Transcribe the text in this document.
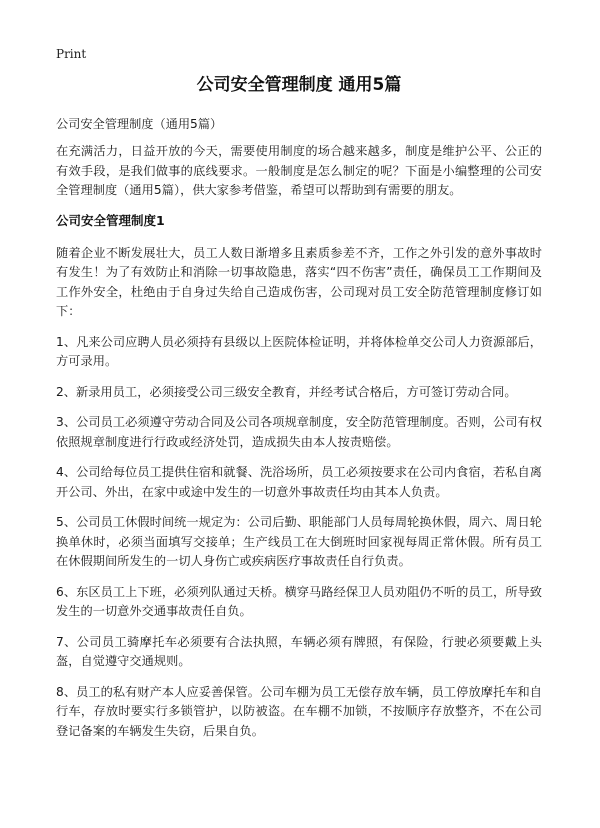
Print
公司安全管理制度 通用5篇
公司安全管理制度（通用5篇）
在充满活力，日益开放的今天，需要使用制度的场合越来越多，制度是维护公平、公正的有效手段，是我们做事的底线要求。一般制度是怎么制定的呢？下面是小编整理的公司安全管理制度（通用5篇），供大家参考借鉴，希望可以帮助到有需要的朋友。
公司安全管理制度1
随着企业不断发展壮大，员工人数日渐增多且素质参差不齐，工作之外引发的意外事故时有发生！为了有效防止和消除一切事故隐患，落实“四不伤害”责任，确保员工工作期间及工作外安全，杜绝由于自身过失给自己造成伤害，公司现对员工安全防范管理制度修订如下：
1、凡来公司应聘人员必须持有县级以上医院体检证明，并将体检单交公司人力资源部后，方可录用。
2、新录用员工，必须接受公司三级安全教育，并经考试合格后，方可签订劳动合同。
3、公司员工必须遵守劳动合同及公司各项规章制度，安全防范管理制度。否则，公司有权依照规章制度进行行政或经济处罚，造成损失由本人按责赔偿。
4、公司给每位员工提供住宿和就餐、洗浴场所，员工必须按要求在公司内食宿，若私自离开公司、外出，在家中或途中发生的一切意外事故责任均由其本人负责。
5、公司员工休假时间统一规定为：公司后勤、职能部门人员每周轮换休假，周六、周日轮换单休时，必须当面填写交接单；生产线员工在大倒班时回家视每周正常休假。所有员工在休假期间所发生的一切人身伤亡或疾病医疗事故责任自行负责。
6、东区员工上下班，必须列队通过天桥。横穿马路经保卫人员劝阻仍不听的员工，所导致发生的一切意外交通事故责任自负。
7、公司员工骑摩托车必须要有合法执照，车辆必须有牌照，有保险，行驶必须要戴上头盔，自觉遵守交通规则。
8、员工的私有财产本人应妥善保管。公司车棚为员工无偿存放车辆，员工停放摩托车和自行车，存放时要实行多锁管护，以防被盗。在车棚不加锁，不按顺序存放整齐，不在公司登记备案的车辆发生失窃，后果自负。
